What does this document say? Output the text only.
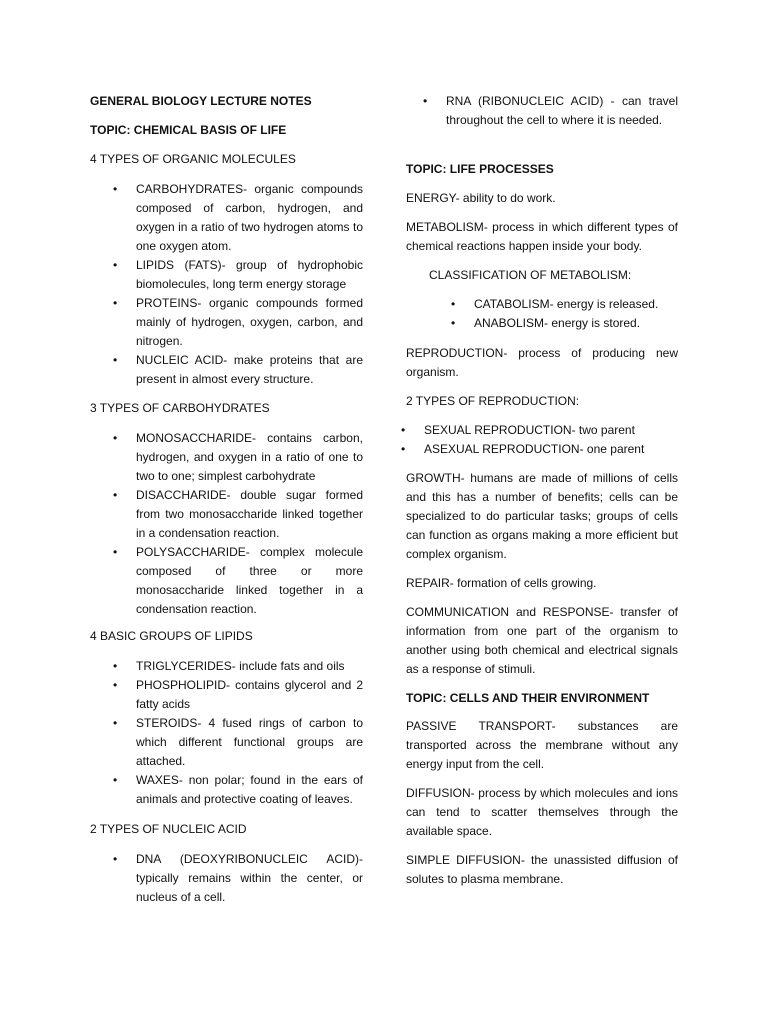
GENERAL BIOLOGY LECTURE NOTES
TOPIC: CHEMICAL BASIS OF LIFE
4 TYPES OF ORGANIC MOLECULES
• CARBOHYDRATES- organic compounds composed of carbon, hydrogen, and oxygen in a ratio of two hydrogen atoms to one oxygen atom.
• LIPIDS (FATS)- group of hydrophobic biomolecules, long term energy storage
• PROTEINS- organic compounds formed mainly of hydrogen, oxygen, carbon, and nitrogen.
• NUCLEIC ACID- make proteins that are present in almost every structure.
3 TYPES OF CARBOHYDRATES
• MONOSACCHARIDE- contains carbon, hydrogen, and oxygen in a ratio of one to two to one; simplest carbohydrate
• DISACCHARIDE- double sugar formed from two monosaccharide linked together in a condensation reaction.
• POLYSACCHARIDE- complex molecule composed of three or more monosaccharide linked together in a condensation reaction.
4 BASIC GROUPS OF LIPIDS
• TRIGLYCERIDES- include fats and oils
• PHOSPHOLIPID- contains glycerol and 2 fatty acids
• STEROIDS- 4 fused rings of carbon to which different functional groups are attached.
• WAXES- non polar; found in the ears of animals and protective coating of leaves.
2 TYPES OF NUCLEIC ACID
• DNA (DEOXYRIBONUCLEIC ACID)- typically remains within the center, or nucleus of a cell.
• RNA (RIBONUCLEIC ACID) - can travel throughout the cell to where it is needed.
TOPIC: LIFE PROCESSES

ENERGY- ability to do work.

METABOLISM- process in which different types of chemical reactions happen inside your body.

CLASSIFICATION OF METABOLISM:
• CATABOLISM- energy is released.
• ANABOLISM- energy is stored.

REPRODUCTION- process of producing new organism.

2 TYPES OF REPRODUCTION:
• SEXUAL REPRODUCTION- two parent
• ASEXUAL REPRODUCTION- one parent

GROWTH- humans are made of millions of cells and this has a number of benefits; cells can be specialized to do particular tasks; groups of cells can function as organs making a more efficient but complex organism.

REPAIR- formation of cells growing.

COMMUNICATION and RESPONSE- transfer of information from one part of the organism to another using both chemical and electrical signals as a response of stimuli.

TOPIC: CELLS AND THEIR ENVIRONMENT

PASSIVE TRANSPORT- substances are transported across the membrane without any energy input from the cell.

DIFFUSION- process by which molecules and ions can tend to scatter themselves through the available space.

SIMPLE DIFFUSION- the unassisted diffusion of solutes to plasma membrane.
